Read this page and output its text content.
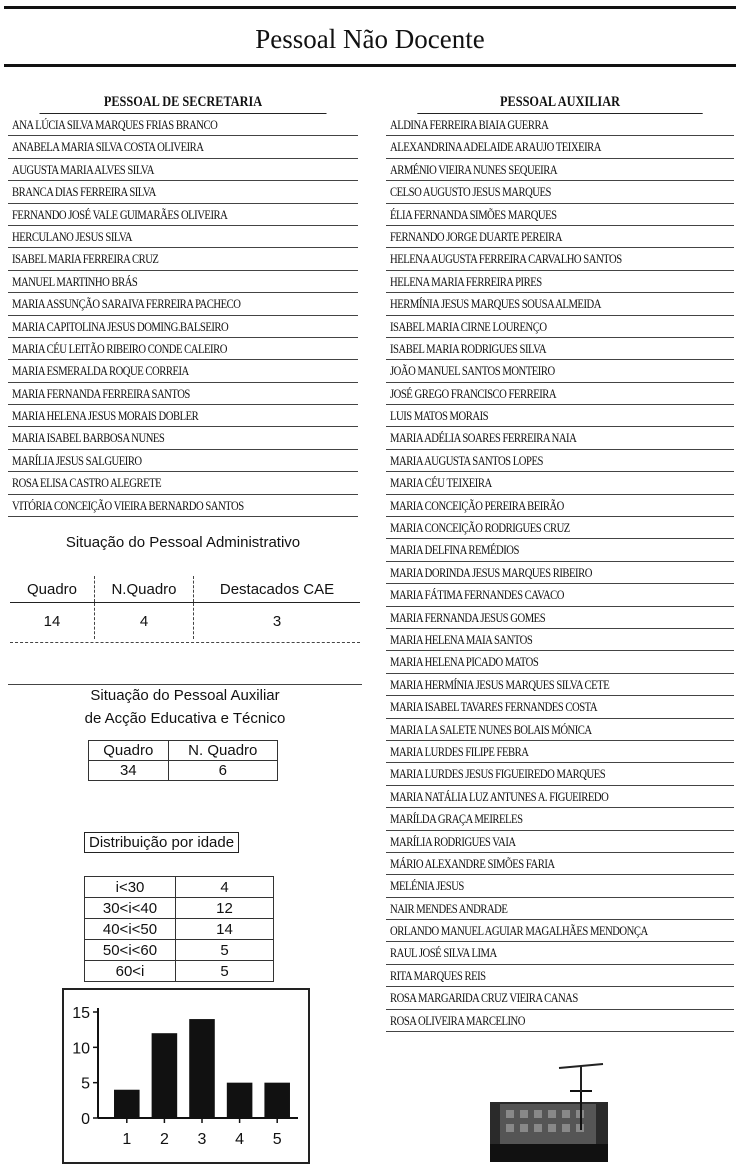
Pessoal Não Docente
PESSOAL DE SECRETARIA
ANA LÚCIA SILVA MARQUES FRIAS BRANCO
ANABELA MARIA SILVA COSTA OLIVEIRA
AUGUSTA MARIA ALVES SILVA
BRANCA DIAS FERREIRA SILVA
FERNANDO JOSÉ VALE GUIMARÃES OLIVEIRA
HERCULANO JESUS SILVA
ISABEL MARIA FERREIRA CRUZ
MANUEL MARTINHO BRÁS
MARIA ASSUNÇÃO SARAIVA FERREIRA PACHECO
MARIA CAPITOLINA JESUS DOMING.BALSEIRO
MARIA CÉU LEITÃO RIBEIRO CONDE CALEIRO
MARIA ESMERALDA ROQUE CORREIA
MARIA FERNANDA FERREIRA SANTOS
MARIA HELENA JESUS MORAIS DOBLER
MARIA ISABEL BARBOSA NUNES
MARÍLIA JESUS SALGUEIRO
ROSA ELISA CASTRO ALEGRETE
VITÓRIA CONCEIÇÃO VIEIRA BERNARDO SANTOS
PESSOAL AUXILIAR
ALDINA FERREIRA BIAIA GUERRA
ALEXANDRINA ADELAIDE ARAUJO TEIXEIRA
ARMÉNIO VIEIRA NUNES SEQUEIRA
CELSO AUGUSTO JESUS MARQUES
ÉLIA FERNANDA SIMÕES MARQUES
FERNANDO JORGE DUARTE PEREIRA
HELENA AUGUSTA FERREIRA CARVALHO SANTOS
HELENA MARIA FERREIRA PIRES
HERMÍNIA JESUS MARQUES SOUSA ALMEIDA
ISABEL MARIA CIRNE LOURENÇO
ISABEL MARIA RODRIGUES SILVA
JOÃO MANUEL SANTOS MONTEIRO
JOSÉ GREGO FRANCISCO FERREIRA
LUIS MATOS MORAIS
MARIA ADÉLIA SOARES FERREIRA NAIA
MARIA AUGUSTA SANTOS LOPES
MARIA CÉU TEIXEIRA
MARIA CONCEIÇÃO PEREIRA BEIRÃO
MARIA CONCEIÇÃO RODRIGUES CRUZ
MARIA DELFINA REMÉDIOS
MARIA DORINDA JESUS MARQUES RIBEIRO
MARIA FÁTIMA FERNANDES CAVACO
MARIA FERNANDA JESUS GOMES
MARIA HELENA MAIA SANTOS
MARIA HELENA PICADO MATOS
MARIA HERMÍNIA JESUS MARQUES SILVA CETE
MARIA ISABEL TAVARES FERNANDES COSTA
MARIA LA SALETE NUNES BOLAIS MÓNICA
MARIA LURDES FILIPE FEBRA
MARIA LURDES JESUS FIGUEIREDO MARQUES
MARIA NATÁLIA LUZ ANTUNES A. FIGUEIREDO
MARÍLDA GRAÇA MEIRELES
MARÍLIA RODRIGUES VAIA
MÁRIO ALEXANDRE SIMÕES FARIA
MELÉNIA JESUS
NAIR MENDES ANDRADE
ORLANDO MANUEL AGUIAR MAGALHÃES MENDONÇA
RAUL JOSÉ SILVA LIMA
RITA MARQUES REIS
ROSA MARGARIDA CRUZ VIEIRA CANAS
ROSA OLIVEIRA MARCELINO
Situação do Pessoal Administrativo
Quadro	N.Quadro	Destacados CAE
14	4	3
Situação do Pessoal Auxiliar
de Acção Educativa e Técnico
Quadro	N. Quadro
34	6
Distribuição por idade
i<30	4
30<i<40	12
40<i<50	14
50<i<60	5
60<i	5
0
5
10
15
1 2 3 4 5
